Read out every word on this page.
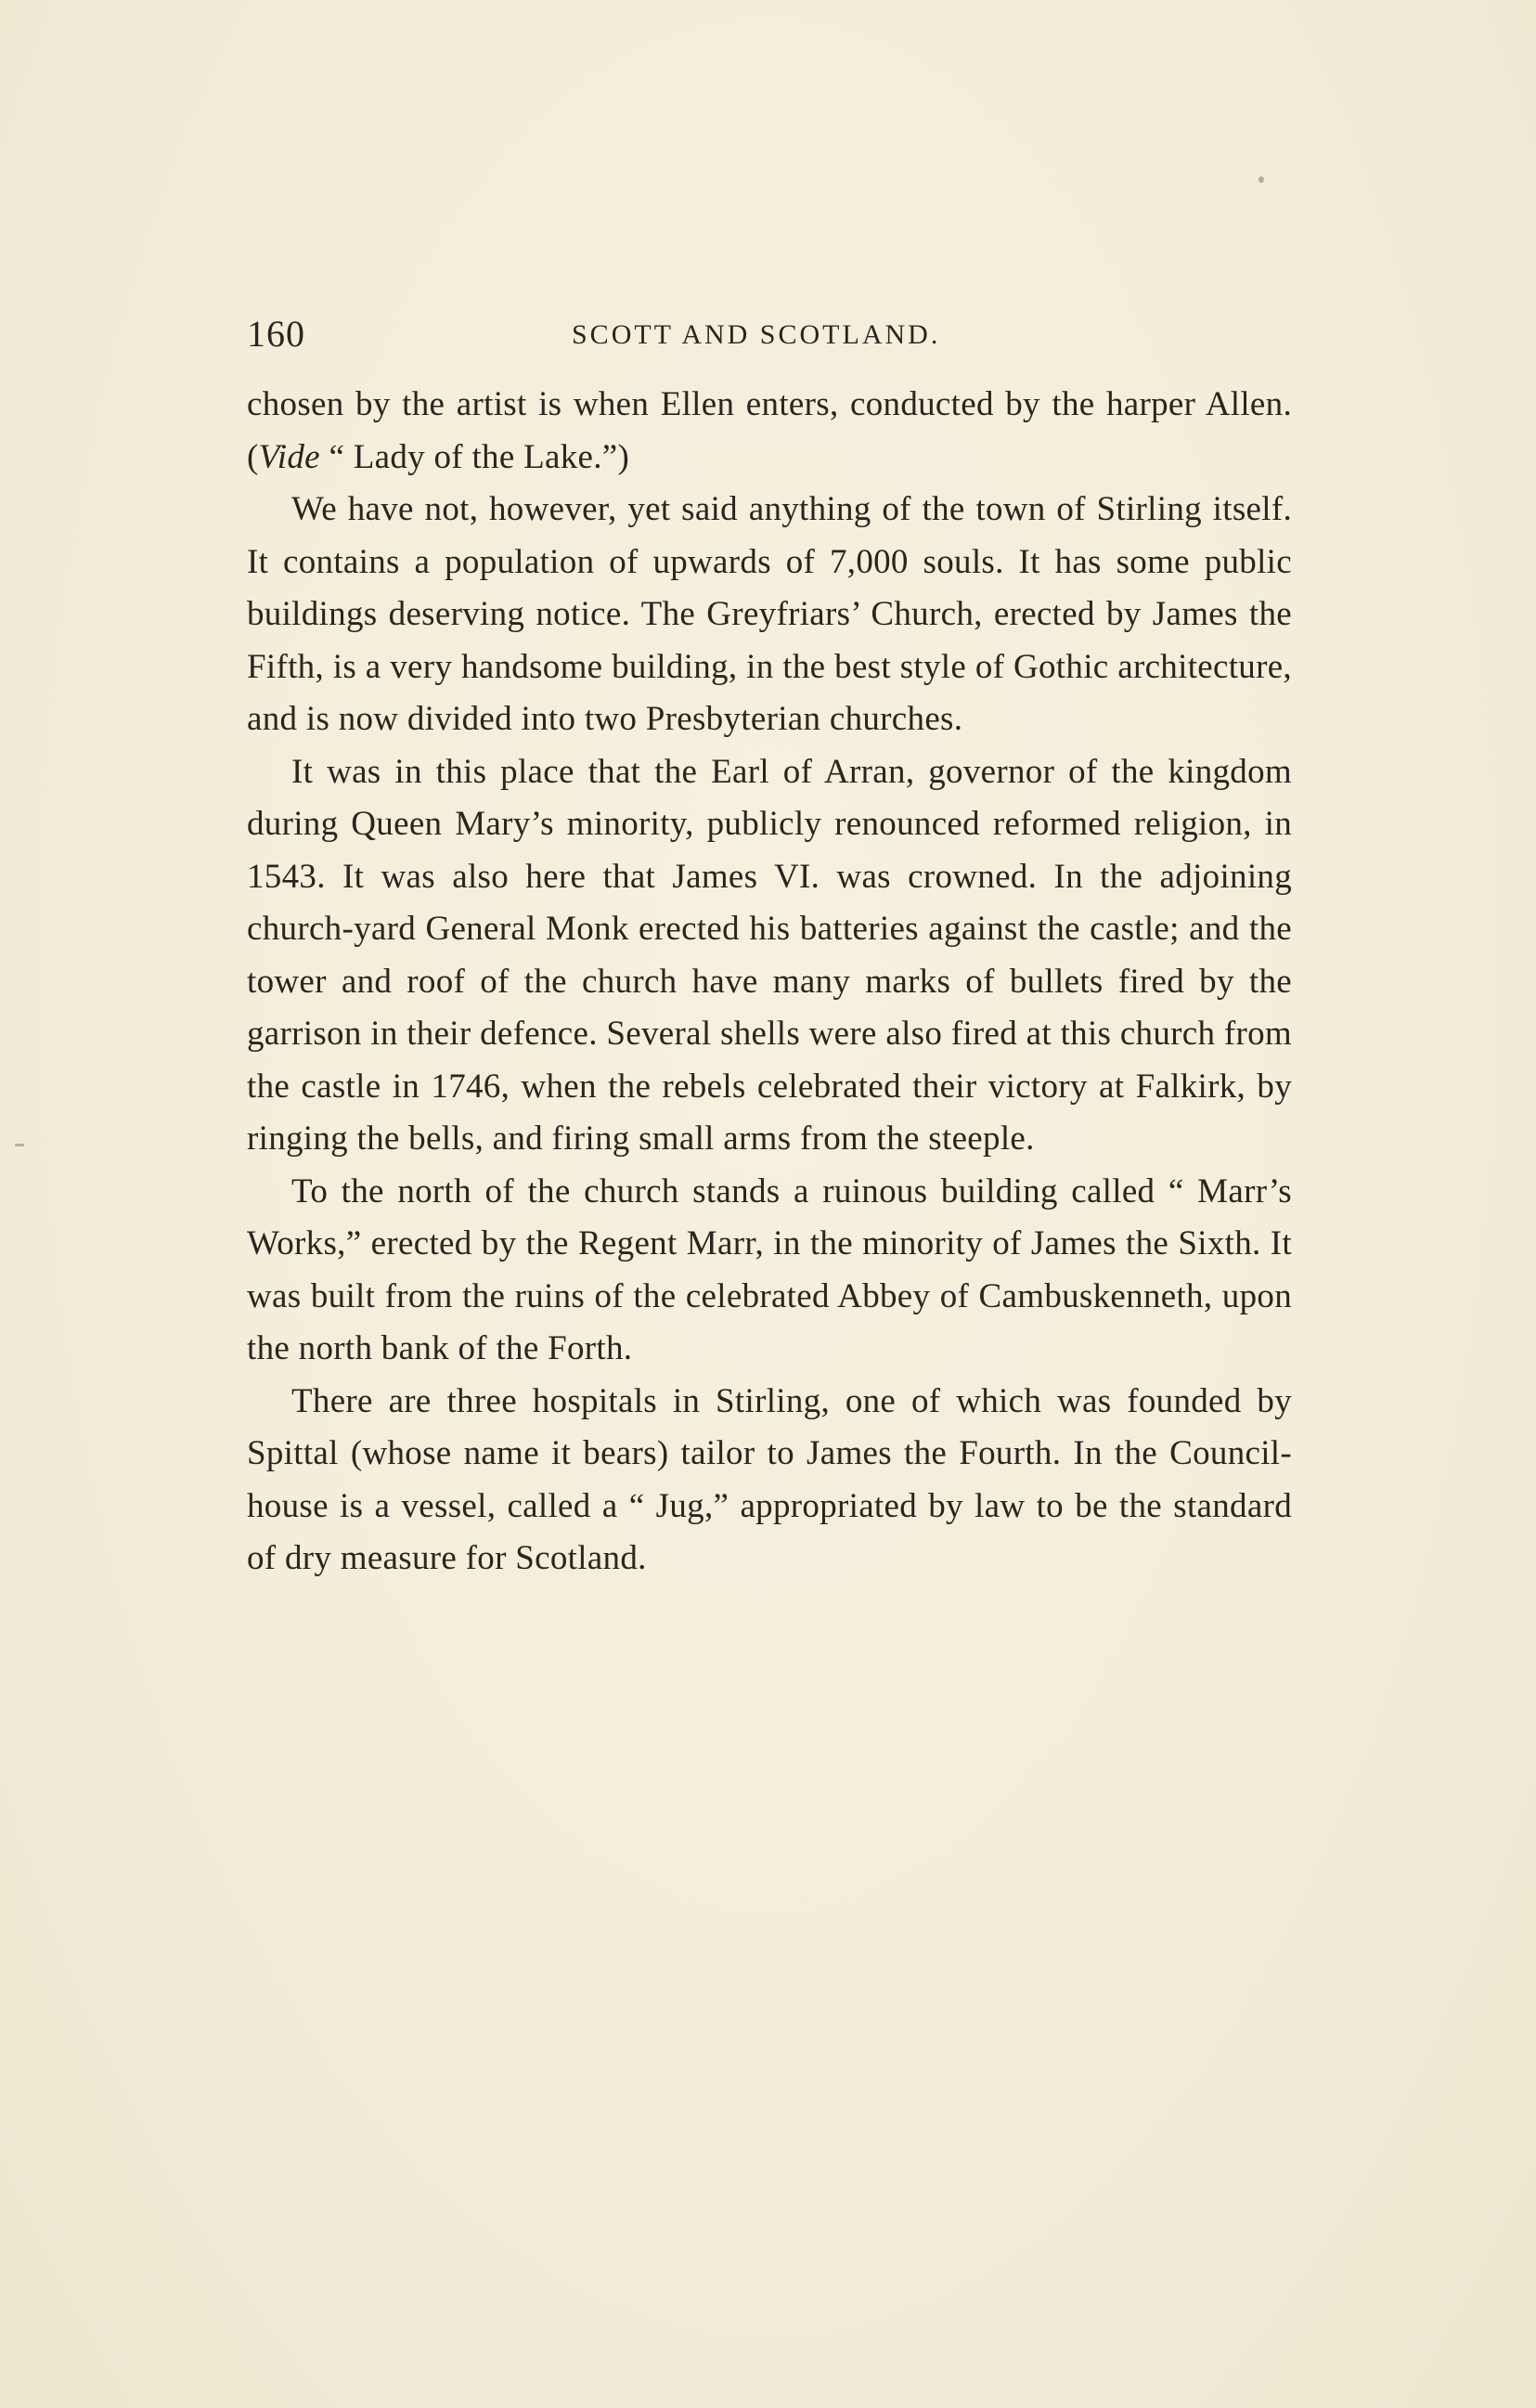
160	SCOTT AND SCOTLAND.

chosen by the artist is when Ellen enters, conducted by the harper Allen. (Vide “ Lady of the Lake.”)

We have not, however, yet said anything of the town of Stirling itself. It contains a population of upwards of 7,000 souls. It has some public buildings deserving notice. The Greyfriars’ Church, erected by James the Fifth, is a very handsome building, in the best style of Gothic architecture, and is now divided into two Presbyterian churches.

It was in this place that the Earl of Arran, governor of the kingdom during Queen Mary’s minority, publicly renounced reformed religion, in 1543. It was also here that James VI. was crowned. In the adjoining church-yard General Monk erected his batteries against the castle; and the tower and roof of the church have many marks of bullets fired by the garrison in their defence. Several shells were also fired at this church from the castle in 1746, when the rebels celebrated their victory at Falkirk, by ringing the bells, and firing small arms from the steeple.

To the north of the church stands a ruinous building called “ Marr’s Works,” erected by the Regent Marr, in the minority of James the Sixth. It was built from the ruins of the celebrated Abbey of Cambuskenneth, upon the north bank of the Forth.

There are three hospitals in Stirling, one of which was founded by Spittal (whose name it bears) tailor to James the Fourth. In the Council-house is a vessel, called a “ Jug,” appropriated by law to be the standard of dry measure for Scotland.
